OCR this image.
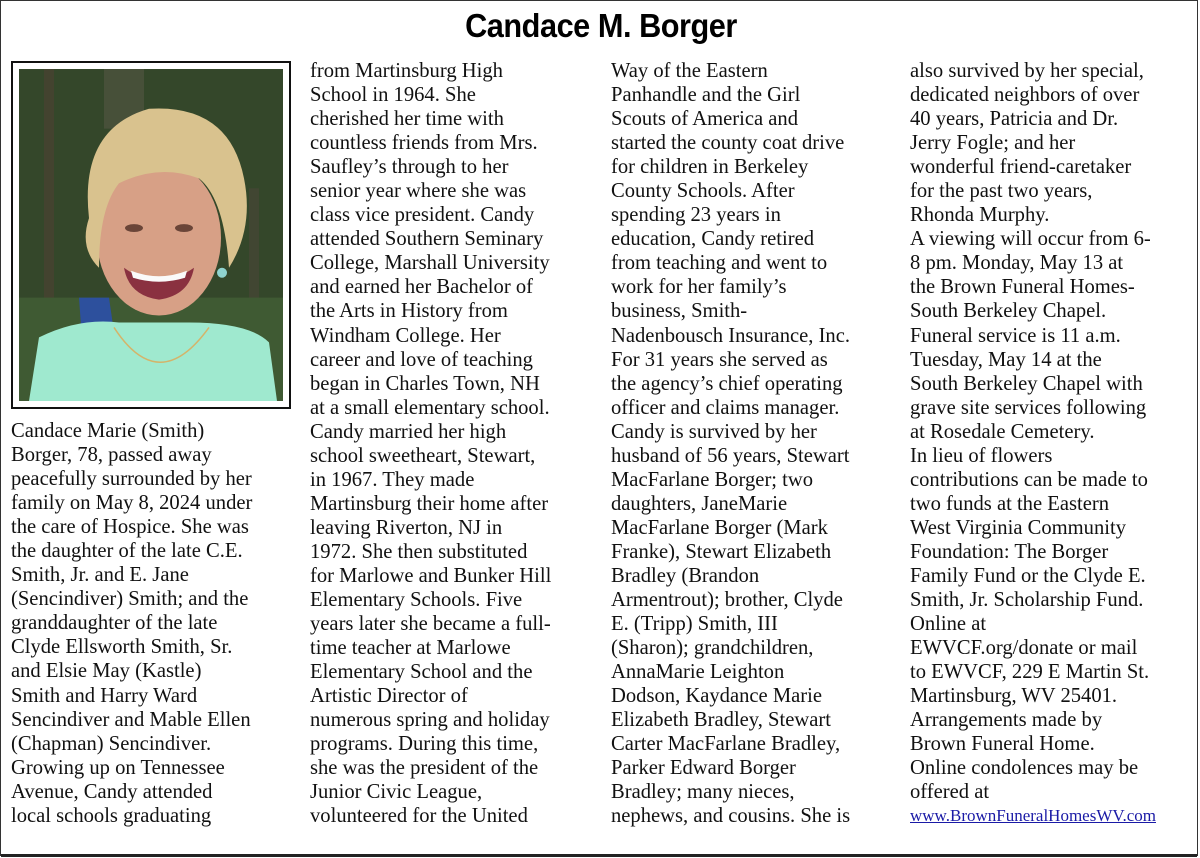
Candace M. Borger
Candace Marie (Smith)
Borger, 78, passed away
peacefully surrounded by her
family on May 8, 2024 under
the care of Hospice. She was
the daughter of the late C.E.
Smith, Jr. and E. Jane
(Sencindiver) Smith; and the
granddaughter of the late
Clyde Ellsworth Smith, Sr.
and Elsie May (Kastle)
Smith and Harry Ward
Sencindiver and Mable Ellen
(Chapman) Sencindiver.
Growing up on Tennessee
Avenue, Candy attended
local schools graduating
from Martinsburg High
School in 1964. She
cherished her time with
countless friends from Mrs.
Saufley’s through to her
senior year where she was
class vice president. Candy
attended Southern Seminary
College, Marshall University
and earned her Bachelor of
the Arts in History from
Windham College. Her
career and love of teaching
began in Charles Town, NH
at a small elementary school.
Candy married her high
school sweetheart, Stewart,
in 1967. They made
Martinsburg their home after
leaving Riverton, NJ in
1972. She then substituted
for Marlowe and Bunker Hill
Elementary Schools. Five
years later she became a full-
time teacher at Marlowe
Elementary School and the
Artistic Director of
numerous spring and holiday
programs. During this time,
she was the president of the
Junior Civic League,
volunteered for the United
Way of the Eastern
Panhandle and the Girl
Scouts of America and
started the county coat drive
for children in Berkeley
County Schools. After
spending 23 years in
education, Candy retired
from teaching and went to
work for her family’s
business, Smith-
Nadenbousch Insurance, Inc.
For 31 years she served as
the agency’s chief operating
officer and claims manager.
Candy is survived by her
husband of 56 years, Stewart
MacFarlane Borger; two
daughters, JaneMarie
MacFarlane Borger (Mark
Franke), Stewart Elizabeth
Bradley (Brandon
Armentrout); brother, Clyde
E. (Tripp) Smith, III
(Sharon); grandchildren,
AnnaMarie Leighton
Dodson, Kaydance Marie
Elizabeth Bradley, Stewart
Carter MacFarlane Bradley,
Parker Edward Borger
Bradley; many nieces,
nephews, and cousins. She is
also survived by her special,
dedicated neighbors of over
40 years, Patricia and Dr.
Jerry Fogle; and her
wonderful friend-caretaker
for the past two years,
Rhonda Murphy.
A viewing will occur from 6-
8 pm. Monday, May 13 at
the Brown Funeral Homes-
South Berkeley Chapel.
Funeral service is 11 a.m.
Tuesday, May 14 at the
South Berkeley Chapel with
grave site services following
at Rosedale Cemetery.
In lieu of flowers
contributions can be made to
two funds at the Eastern
West Virginia Community
Foundation: The Borger
Family Fund or the Clyde E.
Smith, Jr. Scholarship Fund.
Online at
EWVCF.org/donate or mail
to EWVCF, 229 E Martin St.
Martinsburg, WV 25401.
Arrangements made by
Brown Funeral Home.
Online condolences may be
offered at
www.BrownFuneralHomesWV.com
